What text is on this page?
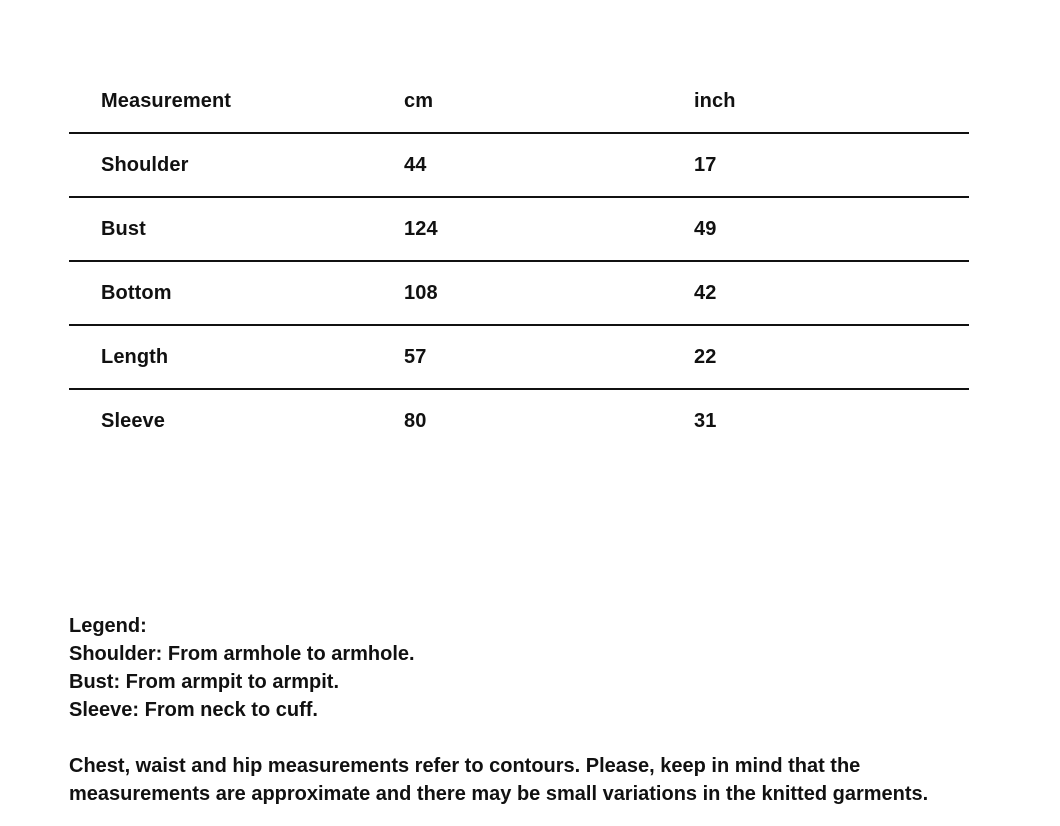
Measurement	cm	inch
Shoulder	44	17
Bust	124	49
Bottom	108	42
Length	57	22
Sleeve	80	31
Legend:
Shoulder: From armhole to armhole.
Bust: From armpit to armpit.
Sleeve: From neck to cuff.
Chest, waist and hip measurements refer to contours. Please, keep in mind that the
measurements are approximate and there may be small variations in the knitted garments.
